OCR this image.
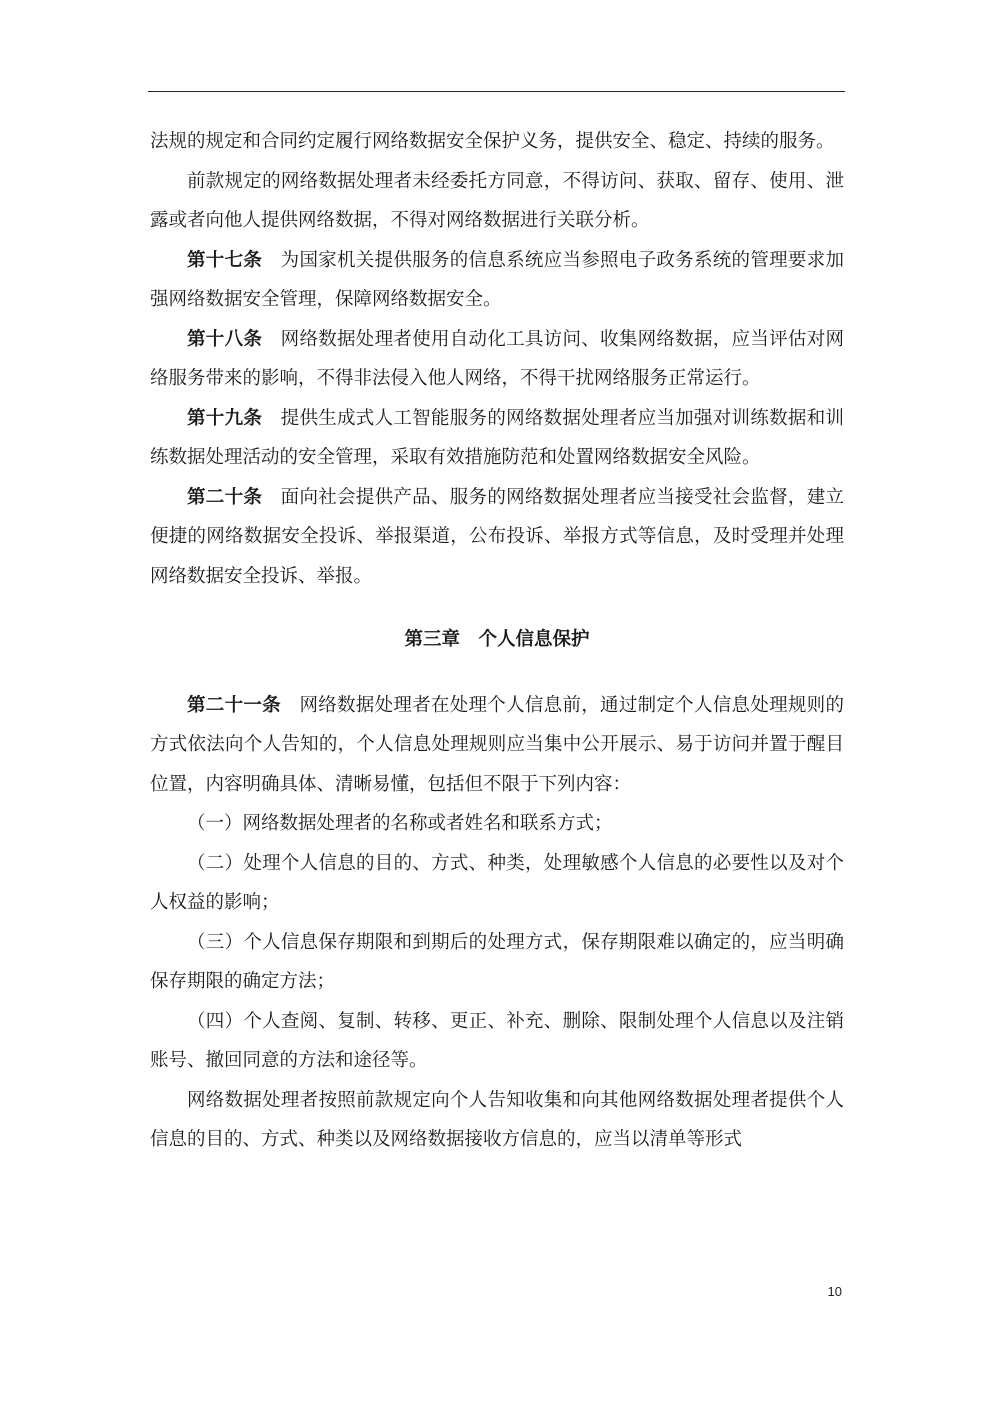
法规的规定和合同约定履行网络数据安全保护义务，提供安全、稳定、持续的服务。

前款规定的网络数据处理者未经委托方同意，不得访问、获取、留存、使用、泄露或者向他人提供网络数据，不得对网络数据进行关联分析。

第十七条 为国家机关提供服务的信息系统应当参照电子政务系统的管理要求加强网络数据安全管理，保障网络数据安全。

第十八条 网络数据处理者使用自动化工具访问、收集网络数据，应当评估对网络服务带来的影响，不得非法侵入他人网络，不得干扰网络服务正常运行。

第十九条 提供生成式人工智能服务的网络数据处理者应当加强对训练数据和训练数据处理活动的安全管理，采取有效措施防范和处置网络数据安全风险。

第二十条 面向社会提供产品、服务的网络数据处理者应当接受社会监督，建立便捷的网络数据安全投诉、举报渠道，公布投诉、举报方式等信息，及时受理并处理网络数据安全投诉、举报。

第三章 个人信息保护

第二十一条 网络数据处理者在处理个人信息前，通过制定个人信息处理规则的方式依法向个人告知的，个人信息处理规则应当集中公开展示、易于访问并置于醒目位置，内容明确具体、清晰易懂，包括但不限于下列内容：

（一）网络数据处理者的名称或者姓名和联系方式；

（二）处理个人信息的目的、方式、种类，处理敏感个人信息的必要性以及对个人权益的影响；

（三）个人信息保存期限和到期后的处理方式，保存期限难以确定的，应当明确保存期限的确定方法；

（四）个人查阅、复制、转移、更正、补充、删除、限制处理个人信息以及注销账号、撤回同意的方法和途径等。

网络数据处理者按照前款规定向个人告知收集和向其他网络数据处理者提供个人信息的目的、方式、种类以及网络数据接收方信息的，应当以清单等形式

10
